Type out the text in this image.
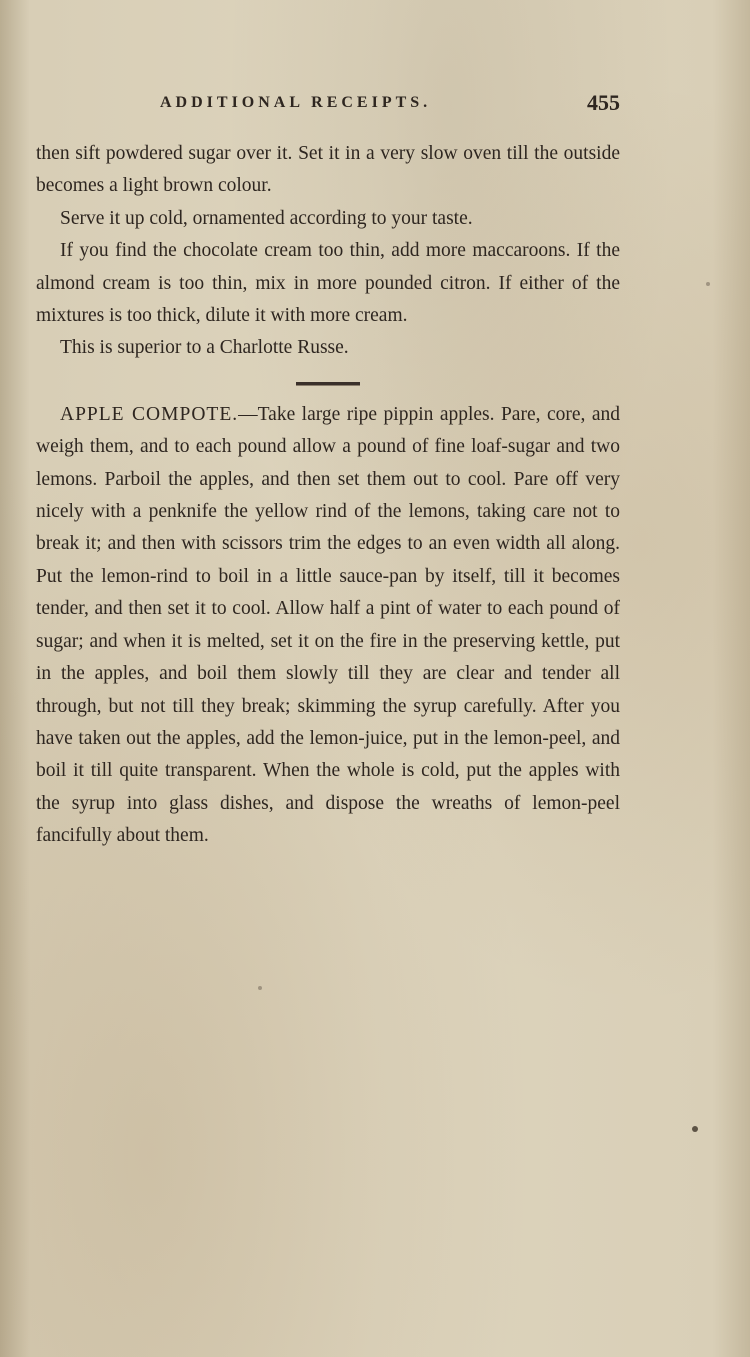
ADDITIONAL RECEIPTS.	455

then sift powdered sugar over it. Set it in a very slow oven till the outside becomes a light brown colour.

Serve it up cold, ornamented according to your taste.

If you find the chocolate cream too thin, add more maccaroons. If the almond cream is too thin, mix in more pounded citron. If either of the mixtures is too thick, dilute it with more cream.

This is superior to a Charlotte Russe.

APPLE COMPOTE.—Take large ripe pippin apples. Pare, core, and weigh them, and to each pound allow a pound of fine loaf-sugar and two lemons. Parboil the apples, and then set them out to cool. Pare off very nicely with a penknife the yellow rind of the lemons, taking care not to break it; and then with scissors trim the edges to an even width all along. Put the lemon-rind to boil in a little sauce-pan by itself, till it becomes tender, and then set it to cool. Allow half a pint of water to each pound of sugar; and when it is melted, set it on the fire in the preserving kettle, put in the apples, and boil them slowly till they are clear and tender all through, but not till they break; skimming the syrup carefully. After you have taken out the apples, add the lemon-juice, put in the lemon-peel, and boil it till quite transparent. When the whole is cold, put the apples with the syrup into glass dishes, and dispose the wreaths of lemon-peel fancifully about them.
